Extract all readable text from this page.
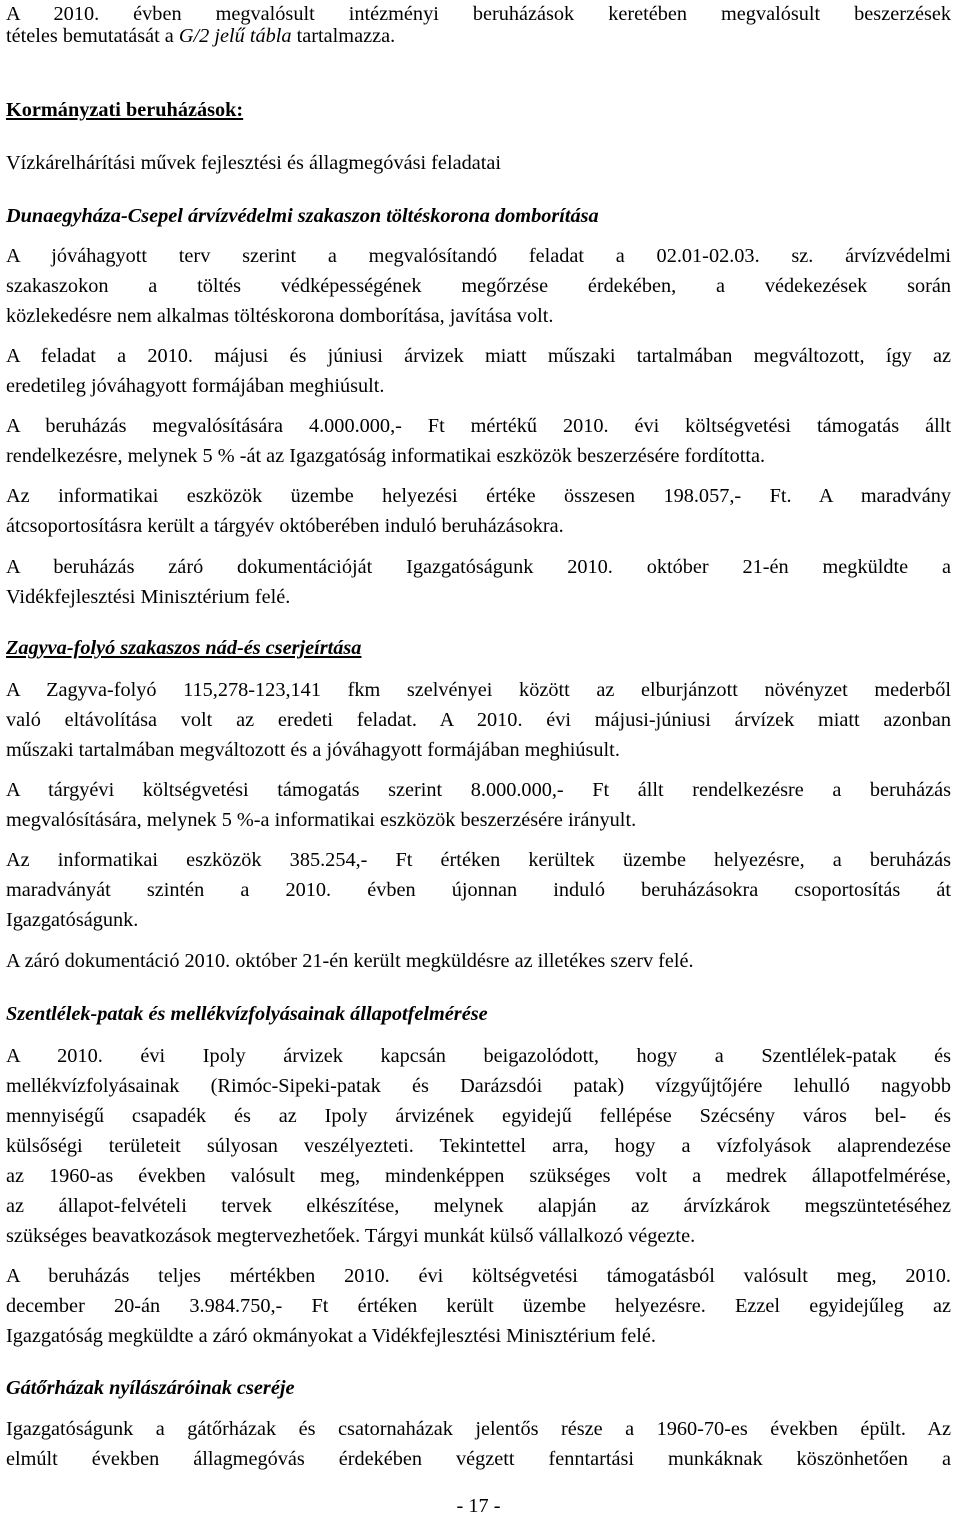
A 2010. évben megvalósult intézményi beruházások keretében megvalósult beszerzések
tételes bemutatását a G/2 jelű tábla tartalmazza.
Kormányzati beruházások:
Vízkárelhárítási művek fejlesztési és állagmegóvási feladatai
Dunaegyháza-Csepel árvízvédelmi szakaszon töltéskorona domborítása
A jóváhagyott terv szerint a megvalósítandó feladat a 02.01-02.03. sz. árvízvédelmi
szakaszokon a töltés védképességének megőrzése érdekében, a védekezések során
közlekedésre nem alkalmas töltéskorona domborítása, javítása volt.
A feladat a 2010. májusi és júniusi árvizek miatt műszaki tartalmában megváltozott, így az
eredetileg jóváhagyott formájában meghiúsult.
A beruházás megvalósítására 4.000.000,- Ft mértékű 2010. évi költségvetési támogatás állt
rendelkezésre, melynek 5 % -át az Igazgatóság informatikai eszközök beszerzésére fordította.
Az informatikai eszközök üzembe helyezési értéke összesen 198.057,- Ft. A maradvány
átcsoportosításra került a tárgyév októberében induló beruházásokra.
A beruházás záró dokumentációját Igazgatóságunk 2010. október 21-én megküldte a
Vidékfejlesztési Minisztérium felé.
Zagyva-folyó szakaszos nád-és cserjeírtása
A Zagyva-folyó 115,278-123,141 fkm szelvényei között az elburjánzott növényzet mederből
való eltávolítása volt az eredeti feladat. A 2010. évi májusi-júniusi árvízek miatt azonban
műszaki tartalmában megváltozott és a jóváhagyott formájában meghiúsult.
A tárgyévi költségvetési támogatás szerint 8.000.000,- Ft állt rendelkezésre a beruházás
megvalósítására, melynek 5 %-a informatikai eszközök beszerzésére irányult.
Az informatikai eszközök 385.254,- Ft értéken kerültek üzembe helyezésre, a beruházás
maradványát szintén a 2010. évben újonnan induló beruházásokra csoportosítás át
Igazgatóságunk.
A záró dokumentáció 2010. október 21-én került megküldésre az illetékes szerv felé.
Szentlélek-patak és mellékvízfolyásainak állapotfelmérése
A 2010. évi Ipoly árvizek kapcsán beigazolódott, hogy a Szentlélek-patak és
mellékvízfolyásainak (Rimóc-Sipeki-patak és Darázsdói patak) vízgyűjtőjére lehulló nagyobb
mennyiségű csapadék és az Ipoly árvizének egyidejű fellépése Szécsény város bel- és
külsőségi területeit súlyosan veszélyezteti. Tekintettel arra, hogy a vízfolyások alaprendezése
az 1960-as években valósult meg, mindenképpen szükséges volt a medrek állapotfelmérése,
az állapot-felvételi tervek elkészítése, melynek alapján az árvízkárok megszüntetéséhez
szükséges beavatkozások megtervezhetőek. Tárgyi munkát külső vállalkozó végezte.
A beruházás teljes mértékben 2010. évi költségvetési támogatásból valósult meg, 2010.
december 20-án 3.984.750,- Ft értéken került üzembe helyezésre. Ezzel egyidejűleg az
Igazgatóság megküldte a záró okmányokat a Vidékfejlesztési Minisztérium felé.
Gátőrházak nyílászáróinak cseréje
Igazgatóságunk a gátőrházak és csatornaházak jelentős része a 1960-70-es években épült. Az
elmúlt években állagmegóvás érdekében végzett fenntartási munkáknak köszönhetően a
- 17 -
